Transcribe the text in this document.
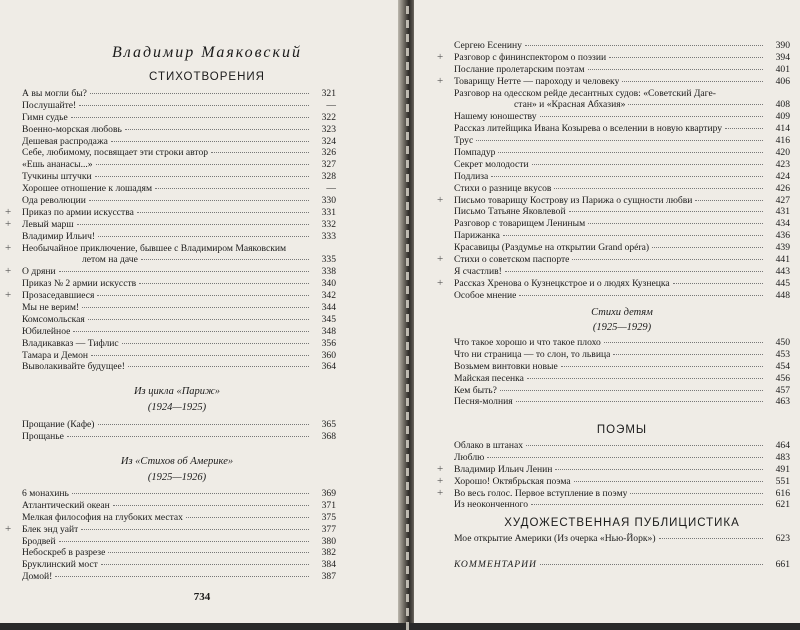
Владимир Маяковский
СТИХОТВОРЕНИЯ
А вы могли бы?	321
Послушайте!	—
Гимн судье	322
Военно-морская любовь	323
Дешевая распродажа	324
Себе, любимому, посвящает эти строки автор	326
«Ешь ананасы...»	327
Тучкины штучки	328
Хорошее отношение к лошадям	—
Ода революции	330
+ Приказ по армии искусства	331
+ Левый марш	332
Владимир Ильич!	333
+ Необычайное приключение, бывшее с Владимиром Маяковским
летом на даче	335
+ О дряни	338
Приказ № 2 армии искусств	340
+ Прозаседавшиеся	342
Мы не верим!	344
Комсомольская	345
Юбилейное	348
Владикавказ — Тифлис	356
Тамара и Демон	360
Выволакивайте будущее!	364
Из цикла «Париж»
(1924—1925)
Прощание (Кафе)	365
Прощанье	368
Из «Стихов об Америке»
(1925—1926)
6 монахинь	369
Атлантический океан	371
Мелкая философия на глубоких местах	375
+ Блек энд уайт	377
Бродвей	380
Небоскреб в разрезе	382
Бруклинский мост	384
Домой!	387
734
Сергею Есенину	390
+ Разговор с фининспектором о поэзии	394
Послание пролетарским поэтам	401
+ Товарищу Нетте — пароходу и человеку	406
Разговор на одесском рейде десантных судов: «Советский Даге-
стан» и «Красная Абхазия»	408
Нашему юношеству	409
Рассказ литейщика Ивана Козырева о вселении в новую квартиру	414
Трус	416
Помпадур	420
Секрет молодости	423
Подлиза	424
Стихи о разнице вкусов	426
+ Письмо товарищу Кострову из Парижа о сущности любви	427
Письмо Татьяне Яковлевой	431
Разговор с товарищем Лениным	434
Парижанка	436
Красавицы (Раздумье на открытии Grand opéra)	439
+ Стихи о советском паспорте	441
Я счастлив!	443
+ Рассказ Хренова о Кузнецкстрое и о людях Кузнецка	445
Особое мнение	448
Стихи детям
(1925—1929)
Что такое хорошо и что такое плохо	450
Что ни страница — то слон, то львица	453
Возьмем винтовки новые	454
Майская песенка	456
Кем быть?	457
Песня-молния	463
ПОЭМЫ
Облако в штанах	464
Люблю	483
+ Владимир Ильич Ленин	491
+ Хорошо! Октябрьская поэма	551
+ Во весь голос. Первое вступление в поэму	616
Из неоконченного	621
ХУДОЖЕСТВЕННАЯ ПУБЛИЦИСТИКА
Мое открытие Америки (Из очерка «Нью-Йорк»)	623
КОММЕНТАРИИ	661
